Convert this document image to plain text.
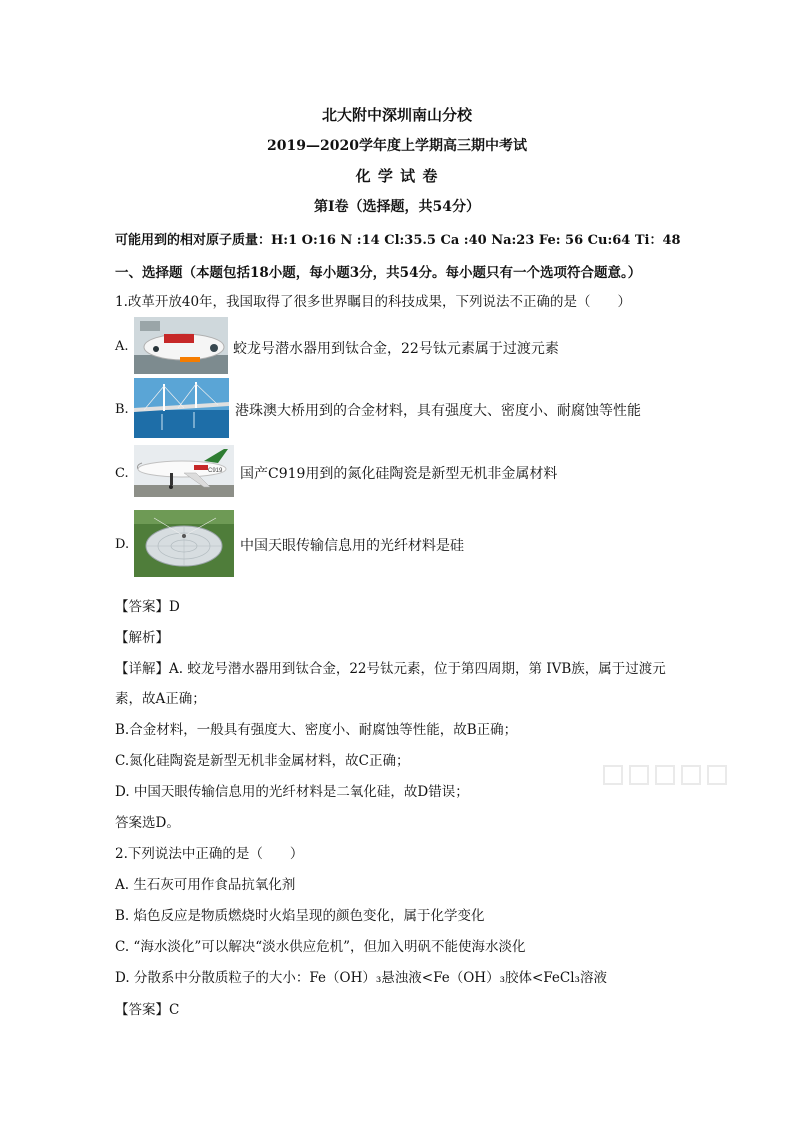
北大附中深圳南山分校
2019—2020学年度上学期高三期中考试
化 学 试 卷
第Ⅰ卷（选择题，共54分）
可能用到的相对原子质量：H:1 O:16 N :14 Cl:35.5 Ca :40 Na:23 Fe: 56 Cu:64 Ti：48
一、选择题（本题包括18小题，每小题3分，共54分。每小题只有一个选项符合题意。）
1.改革开放40年，我国取得了很多世界瞩目的科技成果，下列说法不正确的是（　　）
A.	蛟龙号潜水器用到钛合金，22号钛元素属于过渡元素
B.	港珠澳大桥用到的合金材料，具有强度大、密度小、耐腐蚀等性能
C.	C919 国产C919用到的氮化硅陶瓷是新型无机非金属材料
D.	中国天眼传输信息用的光纤材料是硅
【答案】D
【解析】
【详解】A. 蛟龙号潜水器用到钛合金，22号钛元素，位于第四周期，第 IVB族，属于过渡元
素，故A正确；
B.合金材料，一般具有强度大、密度小、耐腐蚀等性能，故B正确；
C.氮化硅陶瓷是新型无机非金属材料，故C正确；
D. 中国天眼传输信息用的光纤材料是二氧化硅，故D错误；
答案选D。
2.下列说法中正确的是（　　）
A. 生石灰可用作食品抗氧化剂
B. 焰色反应是物质燃烧时火焰呈现的颜色变化，属于化学变化
C. “海水淡化”可以解决“淡水供应危机”，但加入明矾不能使海水淡化
D. 分散系中分散质粒子的大小：Fe（OH）₃悬浊液<Fe（OH）₃胶体<FeCl₃溶液
【答案】C
